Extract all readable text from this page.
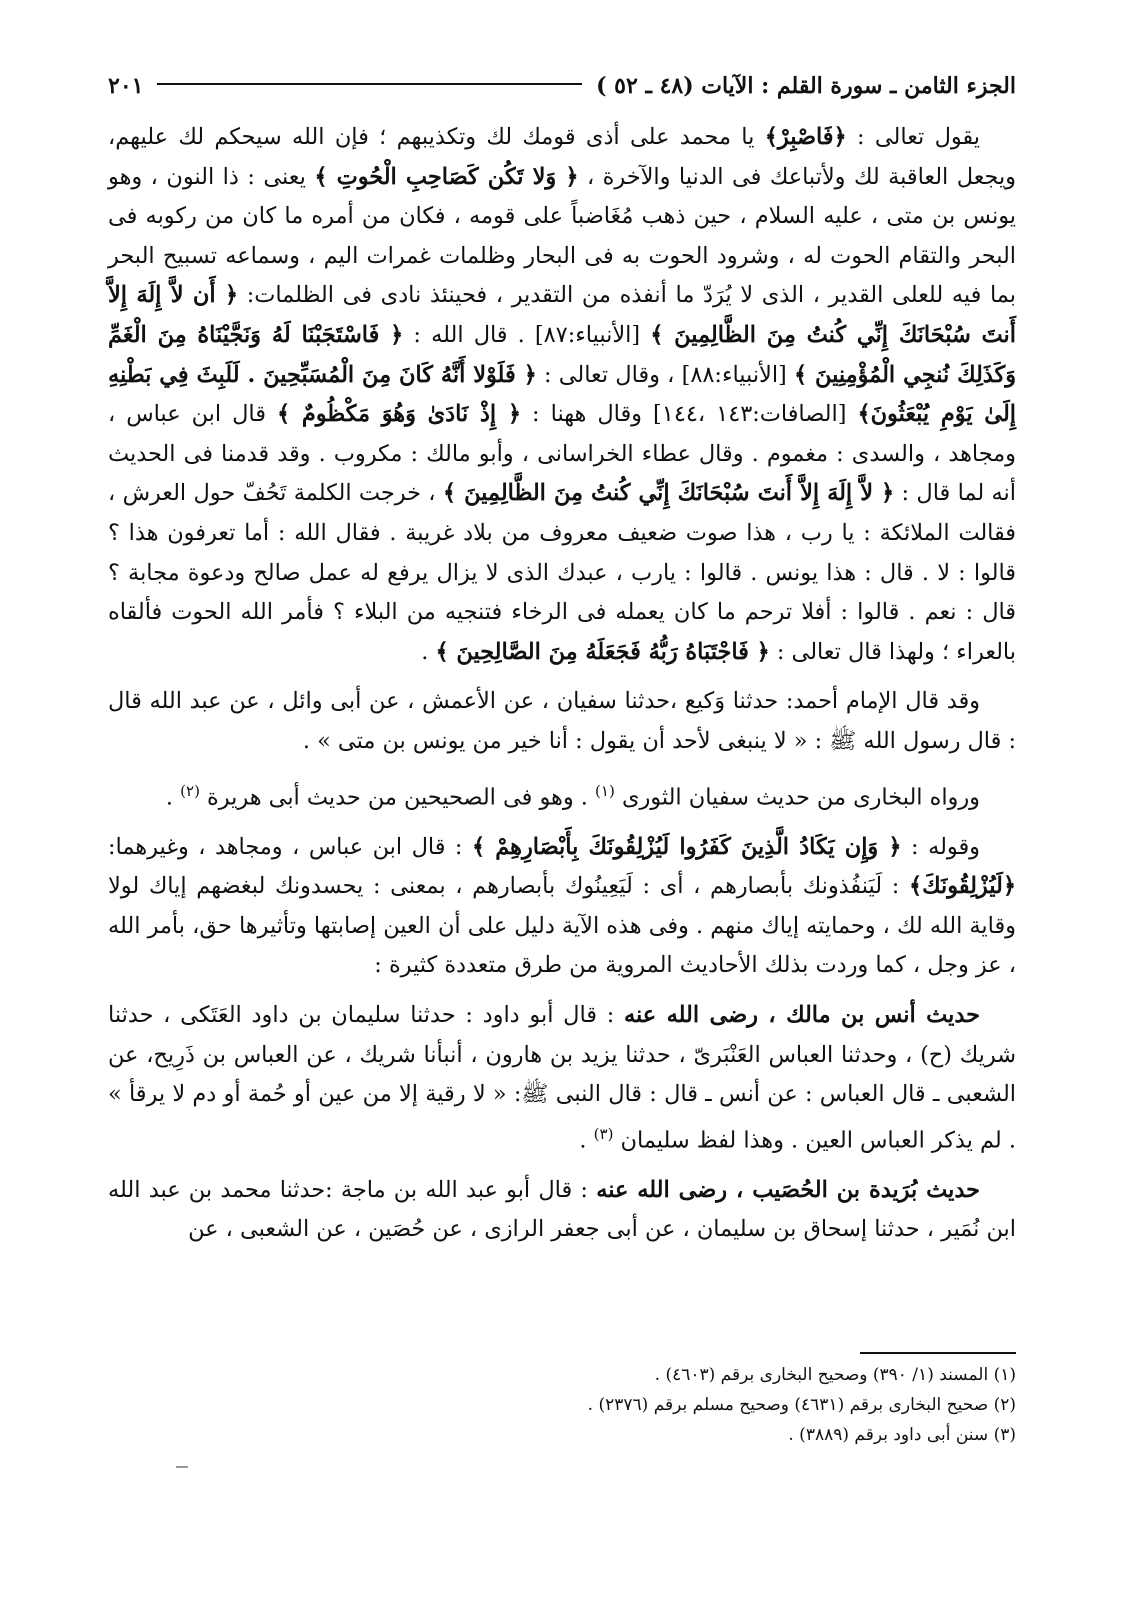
الجزء الثامن ـ سورة القلم : الآيات (٤٨ ـ ٥٢ )
٢٠١

يقول تعالى : ﴿فَاصْبِرْ﴾ يا محمد على أذى قومك لك وتكذيبهم ؛ فإن الله سيحكم لك عليهم، ويجعل العاقبة لك ولأتباعك فى الدنيا والآخرة ، ﴿ وَلا تَكُن كَصَاحِبِ الْحُوتِ ﴾ يعنى : ذا النون ، وهو يونس بن متى ، عليه السلام ، حين ذهب مُغَاضباً على قومه ، فكان من أمره ما كان من ركوبه فى البحر والتقام الحوت له ، وشرود الحوت به فى البحار وظلمات غمرات اليم ، وسماعه تسبيح البحر بما فيه للعلى القدير ، الذى لا يُرَدّ ما أنفذه من التقدير ، فحينئذ نادى فى الظلمات: ﴿ أَن لاَّ إِلَهَ إِلاَّ أَنتَ سُبْحَانَكَ إِنِّي كُنتُ مِنَ الظَّالِمِينَ ﴾ [الأنبياء:٨٧] . قال الله : ﴿ فَاسْتَجَبْنَا لَهُ وَنَجَّيْنَاهُ مِنَ الْغَمِّ وَكَذَلِكَ نُنجِي الْمُؤْمِنِينَ ﴾ [الأنبياء:٨٨] ، وقال تعالى : ﴿ فَلَوْلا أَنَّهُ كَانَ مِنَ الْمُسَبِّحِينَ . لَلَبِثَ فِي بَطْنِهِ إِلَىٰ يَوْمِ يُبْعَثُونَ﴾ [الصافات:١٤٣ ،١٤٤] وقال ههنا : ﴿ إِذْ نَادَىٰ وَهُوَ مَكْظُومٌ ﴾ قال ابن عباس ، ومجاهد ، والسدى : مغموم . وقال عطاء الخراسانى ، وأبو مالك : مكروب . وقد قدمنا فى الحديث أنه لما قال : ﴿ لاَّ إِلَهَ إِلاَّ أَنتَ سُبْحَانَكَ إِنِّي كُنتُ مِنَ الظَّالِمِينَ ﴾ ، خرجت الكلمة تَحُفّ حول العرش ، فقالت الملائكة : يا رب ، هذا صوت ضعيف معروف من بلاد غريبة . فقال الله : أما تعرفون هذا ؟ قالوا : لا . قال : هذا يونس . قالوا : يارب ، عبدك الذى لا يزال يرفع له عمل صالح ودعوة مجابة ؟ قال : نعم . قالوا : أفلا ترحم ما كان يعمله فى الرخاء فتنجيه من البلاء ؟ فأمر الله الحوت فألقاه بالعراء ؛ ولهذا قال تعالى : ﴿ فَاجْتَبَاهُ رَبُّهُ فَجَعَلَهُ مِنَ الصَّالِحِينَ ﴾ .

وقد قال الإمام أحمد: حدثنا وَكيع ،حدثنا سفيان ، عن الأعمش ، عن أبى وائل ، عن عبد الله قال : قال رسول الله ﷺ : « لا ينبغى لأحد أن يقول : أنا خير من يونس بن متى » .

ورواه البخارى من حديث سفيان الثورى $^{(١)}$ . وهو فى الصحيحين من حديث أبى هريرة $^{(٢)}$ .

وقوله : ﴿ وَإِن يَكَادُ الَّذِينَ كَفَرُوا لَيُزْلِقُونَكَ بِأَبْصَارِهِمْ ﴾ : قال ابن عباس ، ومجاهد ، وغيرهما: ﴿لَيُزْلِقُونَكَ﴾ : لَيَنفُذونك بأبصارهم ، أى : لَيَعِينُوك بأبصارهم ، بمعنى : يحسدونك لبغضهم إياك لولا وقاية الله لك ، وحمايته إياك منهم . وفى هذه الآية دليل على أن العين إصابتها وتأثيرها حق، بأمر الله ، عز وجل ، كما وردت بذلك الأحاديث المروية من طرق متعددة كثيرة :

حديث أنس بن مالك ، رضى الله عنه : قال أبو داود : حدثنا سليمان بن داود العَتَكى ، حدثنا شريك (ح) ، وحدثنا العباس العَنْبَرىّ ، حدثنا يزيد بن هارون ، أنبأنا شريك ، عن العباس بن ذَرِيح، عن الشعبى ـ قال العباس : عن أنس ـ قال : قال النبى ﷺ: « لا رقية إلا من عين أو حُمة أو دم لا يرقأ » . لم يذكر العباس العين . وهذا لفظ سليمان $^{(٣)}$ .

حديث بُرَيدة بن الحُصَيب ، رضى الله عنه : قال أبو عبد الله بن ماجة :حدثنا محمد بن عبد الله ابن نُمَير ، حدثنا إسحاق بن سليمان ، عن أبى جعفر الرازى ، عن حُصَين ، عن الشعبى ، عن

(١) المسند (١/ ٣٩٠) وصحيح البخارى برقم (٤٦٠٣) .
(٢) صحيح البخارى برقم (٤٦٣١) وصحيح مسلم برقم (٢٣٧٦) .
(٣) سنن أبى داود برقم (٣٨٨٩) .
